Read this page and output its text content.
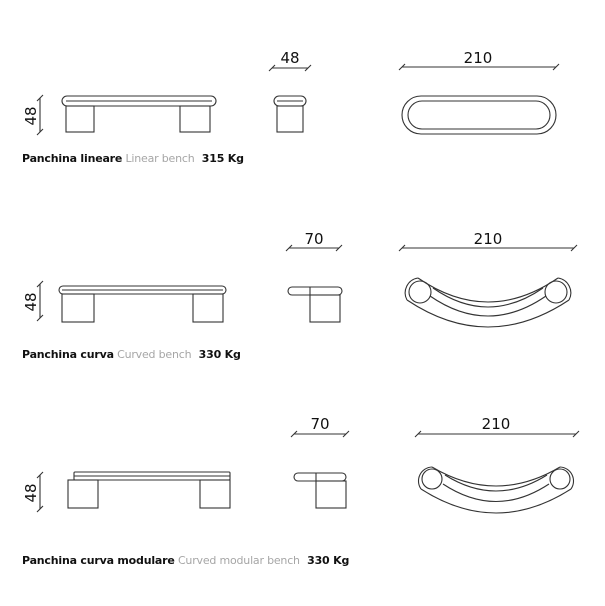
48
48	210
Panchina lineare Linear bench 315 Kg
48
70	210
Panchina curva Curved bench 330 Kg
48
70	210
Panchina curva modulare Curved modular bench 330 Kg
